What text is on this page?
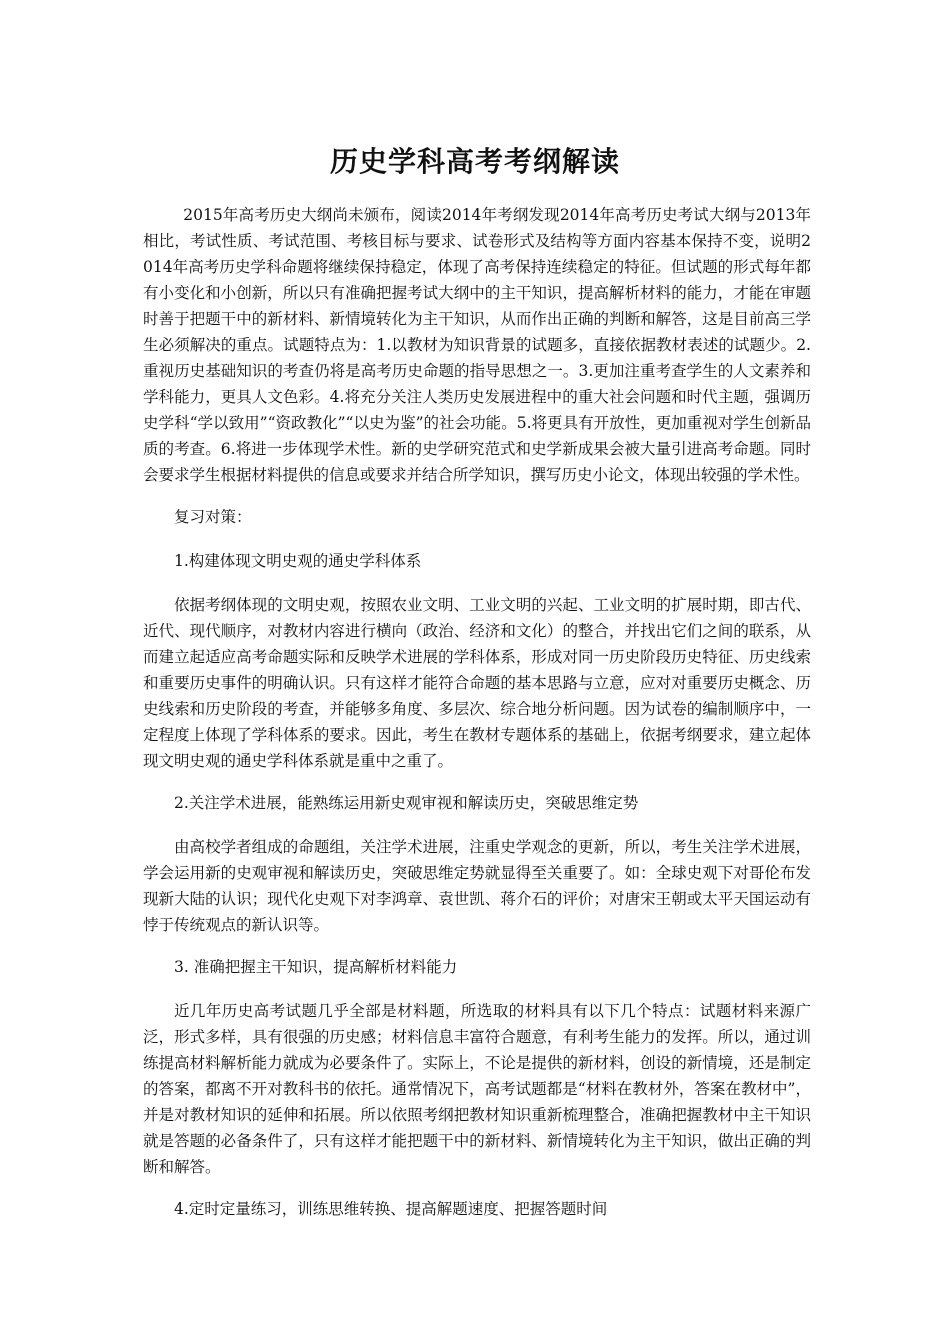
历史学科高考考纲解读

2015年高考历史大纲尚未颁布，阅读2014年考纲发现2014年高考历史考试大纲与2013年相比，考试性质、考试范围、考核目标与要求、试卷形式及结构等方面内容基本保持不变，说明2014年高考历史学科命题将继续保持稳定，体现了高考保持连续稳定的特征。但试题的形式每年都有小变化和小创新，所以只有准确把握考试大纲中的主干知识，提高解析材料的能力，才能在审题时善于把题干中的新材料、新情境转化为主干知识，从而作出正确的判断和解答，这是目前高三学生必须解决的重点。试题特点为：1.以教材为知识背景的试题多，直接依据教材表述的试题少。2.重视历史基础知识的考查仍将是高考历史命题的指导思想之一。3.更加注重考查学生的人文素养和学科能力，更具人文色彩。4.将充分关注人类历史发展进程中的重大社会问题和时代主题，强调历史学科“学以致用”“资政教化”“以史为鉴”的社会功能。5.将更具有开放性，更加重视对学生创新品质的考查。6.将进一步体现学术性。新的史学研究范式和史学新成果会被大量引进高考命题。同时会要求学生根据材料提供的信息或要求并结合所学知识，撰写历史小论文，体现出较强的学术性。

复习对策：

1.构建体现文明史观的通史学科体系

依据考纲体现的文明史观，按照农业文明、工业文明的兴起、工业文明的扩展时期，即古代、近代、现代顺序，对教材内容进行横向（政治、经济和文化）的整合，并找出它们之间的联系，从而建立起适应高考命题实际和反映学术进展的学科体系，形成对同一历史阶段历史特征、历史线索和重要历史事件的明确认识。只有这样才能符合命题的基本思路与立意，应对对重要历史概念、历史线索和历史阶段的考查，并能够多角度、多层次、综合地分析问题。因为试卷的编制顺序中，一定程度上体现了学科体系的要求。因此，考生在教材专题体系的基础上，依据考纲要求，建立起体现文明史观的通史学科体系就是重中之重了。

2.关注学术进展，能熟练运用新史观审视和解读历史，突破思维定势

由高校学者组成的命题组，关注学术进展，注重史学观念的更新，所以，考生关注学术进展，学会运用新的史观审视和解读历史，突破思维定势就显得至关重要了。如：全球史观下对哥伦布发现新大陆的认识；现代化史观下对李鸿章、袁世凯、蒋介石的评价；对唐宋王朝或太平天国运动有悖于传统观点的新认识等。

3. 准确把握主干知识，提高解析材料能力

近几年历史高考试题几乎全部是材料题，所选取的材料具有以下几个特点：试题材料来源广泛，形式多样，具有很强的历史感；材料信息丰富符合题意，有利考生能力的发挥。所以，通过训练提高材料解析能力就成为必要条件了。实际上，不论是提供的新材料，创设的新情境，还是制定的答案，都离不开对教科书的依托。通常情况下，高考试题都是“材料在教材外，答案在教材中”，并是对教材知识的延伸和拓展。所以依照考纲把教材知识重新梳理整合，准确把握教材中主干知识就是答题的必备条件了，只有这样才能把题干中的新材料、新情境转化为主干知识，做出正确的判断和解答。

4.定时定量练习，训练思维转换、提高解题速度、把握答题时间
